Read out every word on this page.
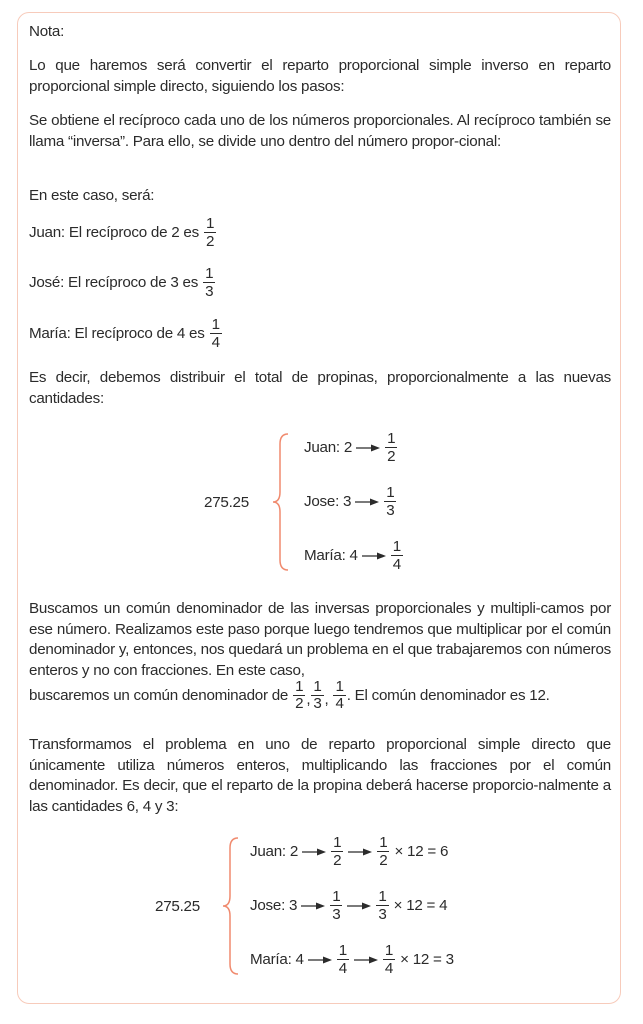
Nota:
Lo que haremos será convertir el reparto proporcional simple inverso en reparto proporcional simple directo, siguiendo los pasos:
Se obtiene el recíproco cada uno de los números proporcionales. Al recíproco también se llama “inversa”. Para ello, se divide uno dentro del número propor-cional:
En este caso, será:
Juan: El recíproco de 2 es
$\frac{1}{2}$
José: El recíproco de 3 es
$\frac{1}{3}$
María: El recíproco de 4 es
$\frac{1}{4}$
Es decir, debemos distribuir el total de propinas, proporcionalmente a las nuevas cantidades:
275.25
Juan: $2 \frac{1}{2}$
Jose: $3 \frac{1}{3}$
María: $4 \frac{1}{4}$
Buscamos un común denominador de las inversas proporcionales y multipli-camos por ese número. Realizamos este paso porque luego tendremos que multiplicar por el común denominador y, entonces, nos quedará un problema en el que trabajaremos con números enteros y no con fracciones. En este caso,
buscaremos un común denominador de
$\frac{1}{2}$ , $\frac{1}{3}$ ,
$\frac{1}{4}$ . El común denominador es 12.
Transformamos el problema en uno de reparto proporcional simple directo que únicamente utiliza números enteros, multiplicando las fracciones por el común denominador. Es decir, que el reparto de la propina deberá hacerse proporcio-nalmente a las cantidades 6, 4 y 3:
275.25
Juan: $2 \frac{1}{2} \frac{1}{2}$
× 12 = 6
Jose: $3 \frac{1}{3} \frac{1}{3}$
× 12 = 4
María: $4 \frac{1}{4} \frac{1}{4}$
× 12 = 3
